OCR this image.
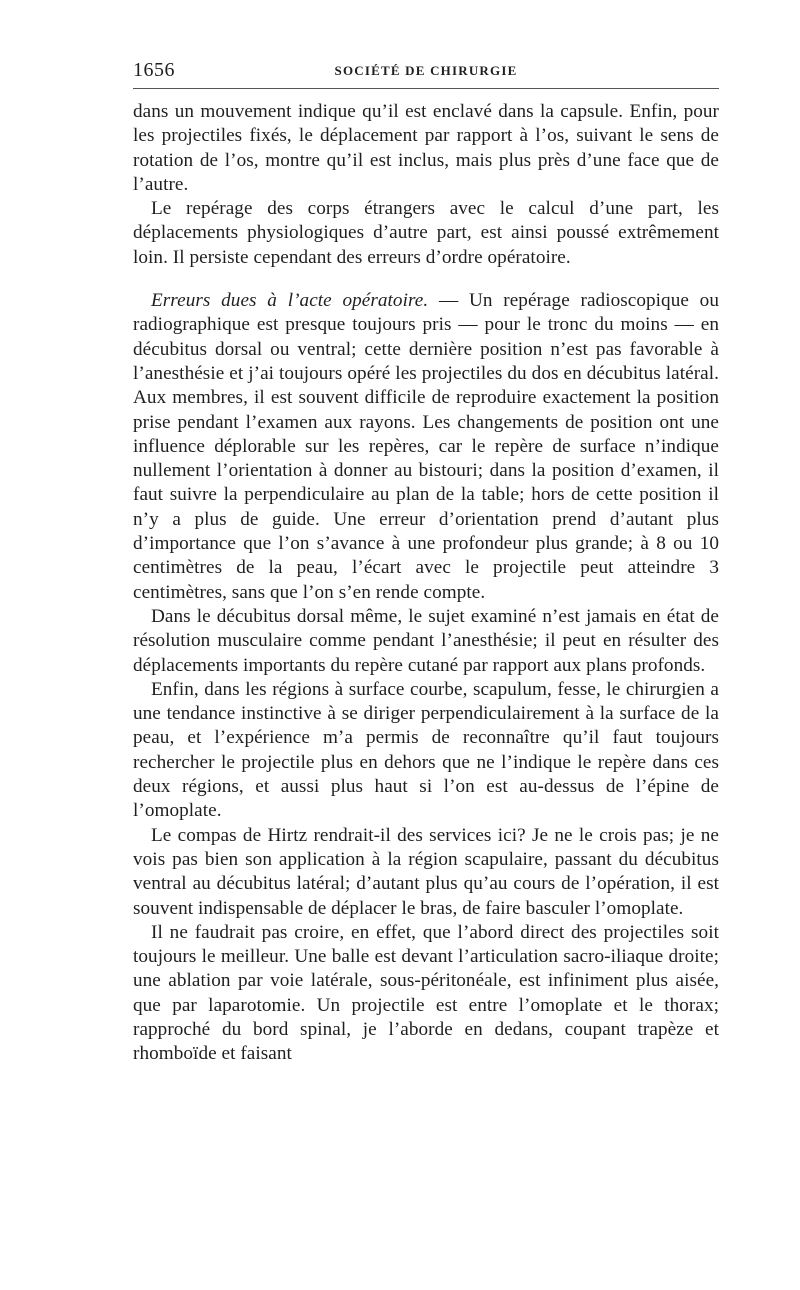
1656	SOCIÉTÉ DE CHIRURGIE

dans un mouvement indique qu’il est enclavé dans la capsule. Enfin, pour les projectiles fixés, le déplacement par rapport à l’os, suivant le sens de rotation de l’os, montre qu’il est inclus, mais plus près d’une face que de l’autre.

Le repérage des corps étrangers avec le calcul d’une part, les déplacements physiologiques d’autre part, est ainsi poussé extrêmement loin. Il persiste cependant des erreurs d’ordre opératoire.

Erreurs dues à l’acte opératoire. — Un repérage radioscopique ou radiographique est presque toujours pris — pour le tronc du moins — en décubitus dorsal ou ventral; cette dernière position n’est pas favorable à l’anesthésie et j’ai toujours opéré les projectiles du dos en décubitus latéral. Aux membres, il est souvent difficile de reproduire exactement la position prise pendant l’examen aux rayons. Les changements de position ont une influence déplorable sur les repères, car le repère de surface n’indique nullement l’orientation à donner au bistouri; dans la position d’examen, il faut suivre la perpendiculaire au plan de la table; hors de cette position il n’y a plus de guide. Une erreur d’orientation prend d’autant plus d’importance que l’on s’avance à une profondeur plus grande; à 8 ou 10 centimètres de la peau, l’écart avec le projectile peut atteindre 3 centimètres, sans que l’on s’en rende compte.

Dans le décubitus dorsal même, le sujet examiné n’est jamais en état de résolution musculaire comme pendant l’anesthésie; il peut en résulter des déplacements importants du repère cutané par rapport aux plans profonds.

Enfin, dans les régions à surface courbe, scapulum, fesse, le chirurgien a une tendance instinctive à se diriger perpendiculairement à la surface de la peau, et l’expérience m’a permis de reconnaître qu’il faut toujours rechercher le projectile plus en dehors que ne l’indique le repère dans ces deux régions, et aussi plus haut si l’on est au-dessus de l’épine de l’omoplate.

Le compas de Hirtz rendrait-il des services ici? Je ne le crois pas; je ne vois pas bien son application à la région scapulaire, passant du décubitus ventral au décubitus latéral; d’autant plus qu’au cours de l’opération, il est souvent indispensable de déplacer le bras, de faire basculer l’omoplate.

Il ne faudrait pas croire, en effet, que l’abord direct des projectiles soit toujours le meilleur. Une balle est devant l’articulation sacro-iliaque droite; une ablation par voie latérale, sous-péritonéale, est infiniment plus aisée, que par laparotomie. Un projectile est entre l’omoplate et le thorax; rapproché du bord spinal, je l’aborde en dedans, coupant trapèze et rhomboïde et faisant
